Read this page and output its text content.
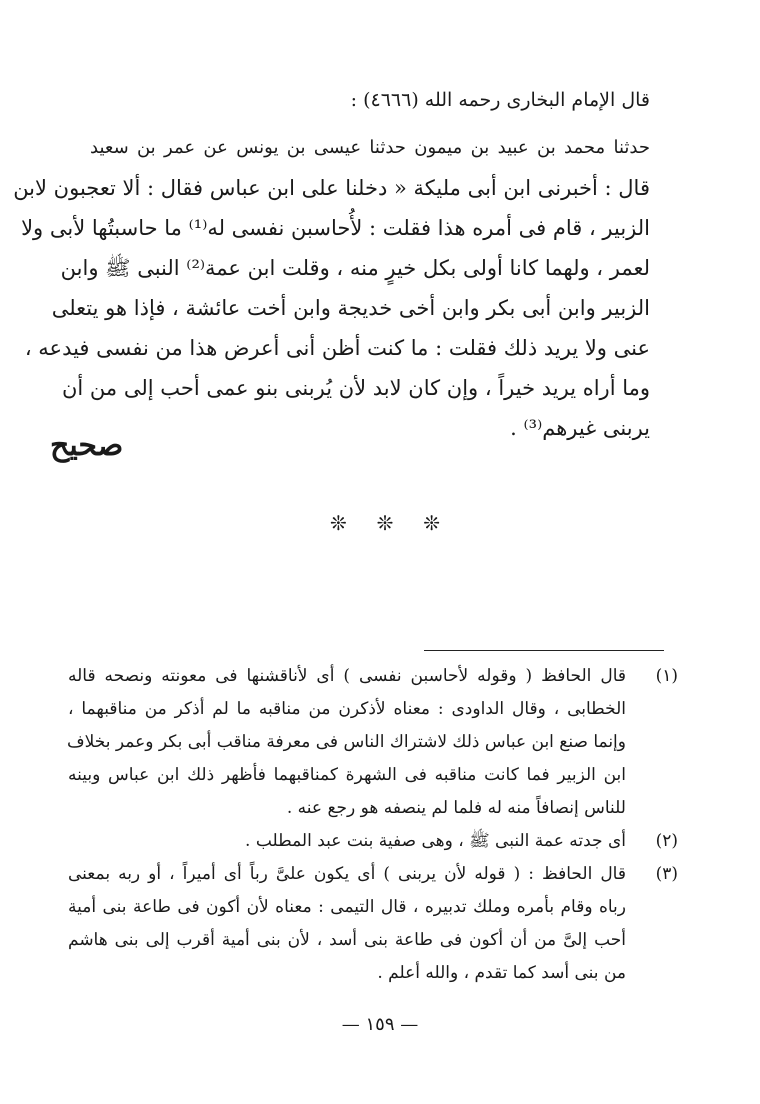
قال الإمام البخارى رحمه الله (٤٦٦٦) :
حدثنا محمد بن عبيد بن ميمون حدثنا عيسى بن يونس عن عمر بن سعيد
قال : أخبرنى ابن أبى مليكة « دخلنا على ابن عباس فقال : ألا تعجبون لابن
الزبير ، قام فى أمره هذا فقلت : لأُحاسبن نفسى له⁽¹⁾ ما حاسبتُها لأبى ولا
لعمر ، ولهما كانا أولى بكل خيرٍ منه ، وقلت ابن عمة⁽²⁾ النبى ﷺ وابن
الزبير وابن أبى بكر وابن أخى خديجة وابن أخت عائشة ، فإذا هو يتعلى
عنى ولا يريد ذلك فقلت : ما كنت أظن أنى أعرض هذا من نفسى فيدعه ،
وما أراه يريد خيراً ، وإن كان لابد لأن يُربنى بنو عمى أحب إلى من أن
يربنى غيرهم⁽³⁾ .
صحيح
❊ ❊ ❊
(١)
قال الحافظ ( وقوله لأحاسبن نفسى ) أى لأناقشنها فى معونته ونصحه قاله
الخطابى ، وقال الداودى : معناه لأذكرن من مناقبه ما لم أذكر من مناقبهما ،
وإنما صنع ابن عباس ذلك لاشتراك الناس فى معرفة مناقب أبى بكر وعمر بخلاف
ابن الزبير فما كانت مناقبه فى الشهرة كمناقبهما فأظهر ذلك ابن عباس وبينه
للناس إنصافاً منه له فلما لم ينصفه هو رجع عنه .
(٢)
أى جدته عمة النبى ﷺ ، وهى صفية بنت عبد المطلب .
(٣)
قال الحافظ : ( قوله لأن يربنى ) أى يكون علىَّ رباً أى أميراً ، أو ربه بمعنى
رباه وقام بأمره وملك تدبيره ، قال التيمى : معناه لأن أكون فى طاعة بنى أمية
أحب إلىَّ من أن أكون فى طاعة بنى أسد ، لأن بنى أمية أقرب إلى بنى هاشم
من بنى أسد كما تقدم ، والله أعلم .
— ١٥٩ —
